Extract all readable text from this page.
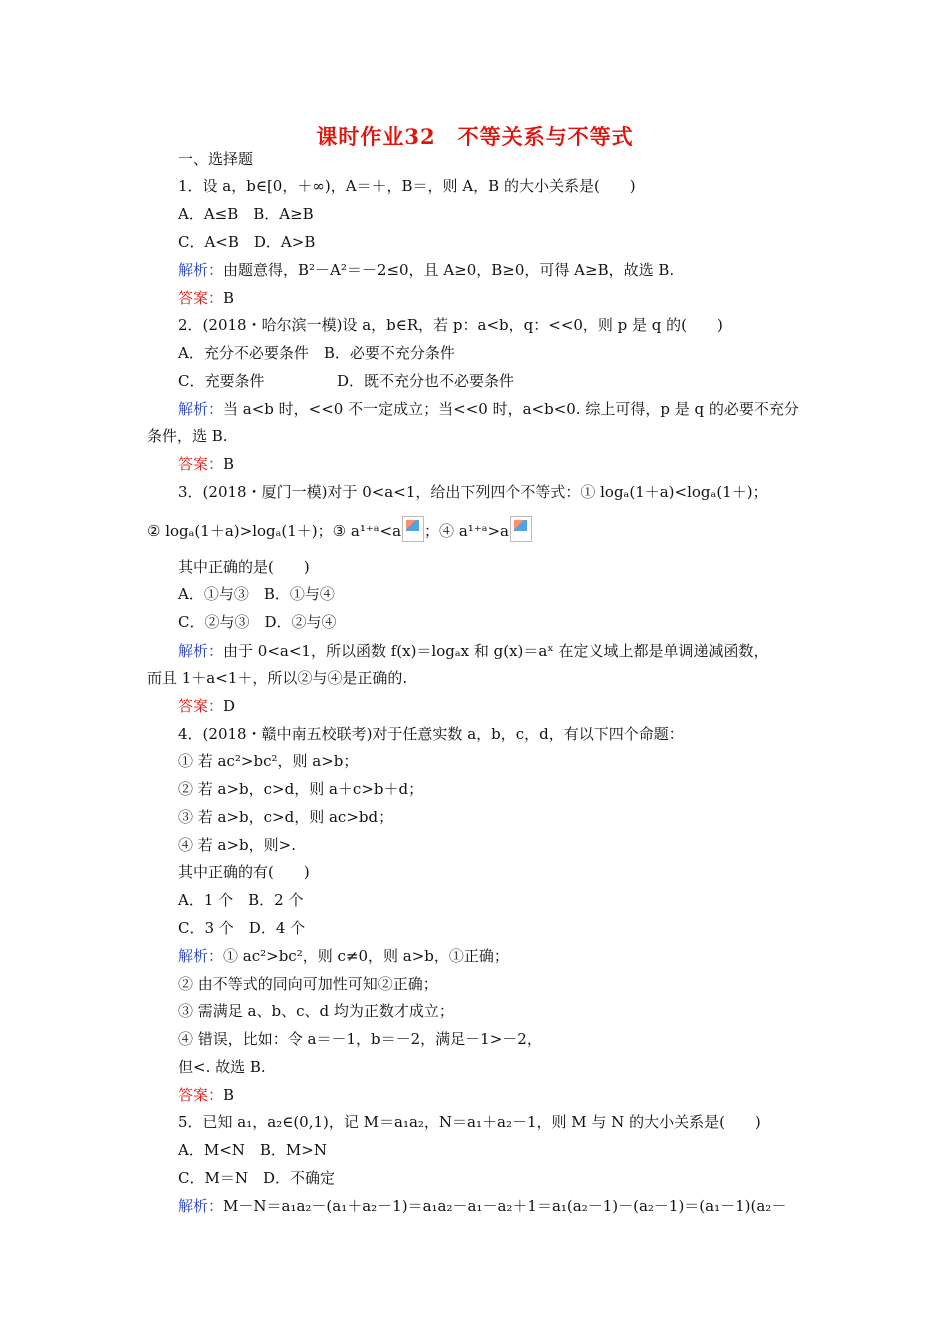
课时作业32　不等关系与不等式
一、选择题
1．设 a，b∈[0，＋∞)，A＝＋，B＝，则 A，B 的大小关系是(　　)
A．A≤B　B．A≥B
C．A<B　D．A>B
解析：由题意得，B²－A²＝－2≤0，且 A≥0，B≥0，可得 A≥B，故选 B.
答案：B
2．(2018・哈尔滨一模)设 a，b∈R，若 p：a<b，q：<<0，则 p 是 q 的(　　)
A．充分不必要条件　B．必要不充分条件
C．充要条件	D．既不充分也不必要条件
解析：当 a<b 时，<<0 不一定成立；当<<0 时，a<b<0. 综上可得，p 是 q 的必要不充分
条件，选 B.
答案：B
3．(2018・厦门一模)对于 0<a<1，给出下列四个不等式：① logₐ(1＋a)<logₐ(1＋)；
② logₐ(1＋a)>logₐ(1＋)；③ a¹⁺ᵃ<a ；④ a¹⁺ᵃ>a
其中正确的是(　　)
A．①与③　B．①与④
C．②与③　D．②与④
解析：由于 0<a<1，所以函数 f(x)＝logₐx 和 g(x)＝aˣ 在定义域上都是单调递减函数，
而且 1＋a<1＋，所以②与④是正确的.
答案：D
4．(2018・赣中南五校联考)对于任意实数 a，b，c，d，有以下四个命题：
① 若 ac²>bc²，则 a>b；
② 若 a>b，c>d，则 a＋c>b＋d；
③ 若 a>b，c>d，则 ac>bd；
④ 若 a>b，则>.
其中正确的有(　　)
A．1 个　B．2 个
C．3 个　D．4 个
解析：① ac²>bc²，则 c≠0，则 a>b，①正确；
② 由不等式的同向可加性可知②正确；
③ 需满足 a、b、c、d 均为正数才成立；
④ 错误，比如：令 a＝－1，b＝－2，满足－1>－2，
但<. 故选 B.
答案：B
5．已知 a₁，a₂∈(0,1)，记 M＝a₁a₂，N＝a₁＋a₂－1，则 M 与 N 的大小关系是(　　)
A．M<N　B．M>N
C．M＝N　D．不确定
解析：M－N＝a₁a₂－(a₁＋a₂－1)＝a₁a₂－a₁－a₂＋1＝a₁(a₂－1)－(a₂－1)＝(a₁－1)(a₂－
